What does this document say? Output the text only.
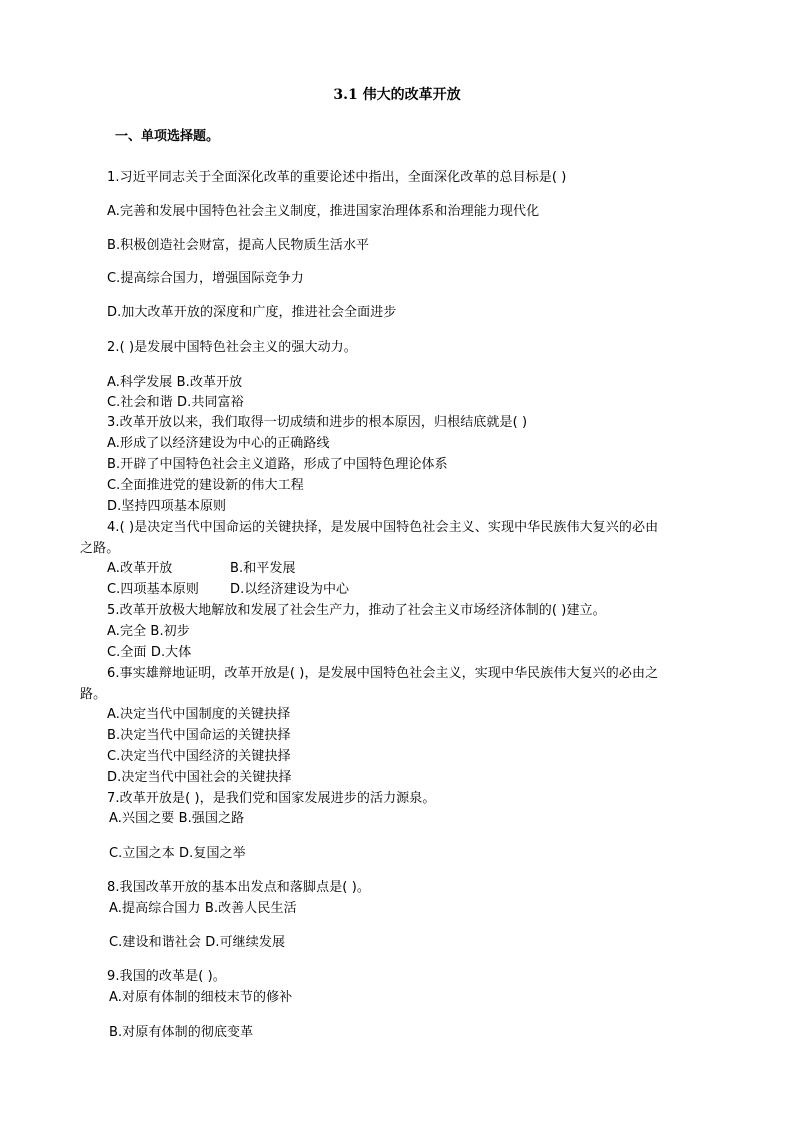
3.1 伟大的改革开放
一、单项选择题。
1.习近平同志关于全面深化改革的重要论述中指出，全面深化改革的总目标是( )
A.完善和发展中国特色社会主义制度，推进国家治理体系和治理能力现代化
B.积极创造社会财富，提高人民物质生活水平
C.提高综合国力，增强国际竞争力
D.加大改革开放的深度和广度，推进社会全面进步
2.( )是发展中国特色社会主义的强大动力。
A.科学发展 B.改革开放
C.社会和谐 D.共同富裕
3.改革开放以来，我们取得一切成绩和进步的根本原因，归根结底就是( )
A.形成了以经济建设为中心的正确路线
B.开辟了中国特色社会主义道路，形成了中国特色理论体系
C.全面推进党的建设新的伟大工程
D.坚持四项基本原则
4.( )是决定当代中国命运的关键抉择，是发展中国特色社会主义、实现中华民族伟大复兴的必由
之路。
A.改革开放	B.和平发展
C.四项基本原则 D.以经济建设为中心
5.改革开放极大地解放和发展了社会生产力，推动了社会主义市场经济体制的( )建立。
A.完全 B.初步
C.全面 D.大体
6.事实雄辩地证明，改革开放是( )，是发展中国特色社会主义，实现中华民族伟大复兴的必由之
路。
A.决定当代中国制度的关键抉择
B.决定当代中国命运的关键抉择
C.决定当代中国经济的关键抉择
D.决定当代中国社会的关键抉择
7.改革开放是( )，是我们党和国家发展进步的活力源泉。
A.兴国之要 B.强国之路
C.立国之本 D.复国之举
8.我国改革开放的基本出发点和落脚点是( )。
A.提高综合国力 B.改善人民生活
C.建设和谐社会 D.可继续发展
9.我国的改革是( )。
A.对原有体制的细枝末节的修补
B.对原有体制的彻底变革
